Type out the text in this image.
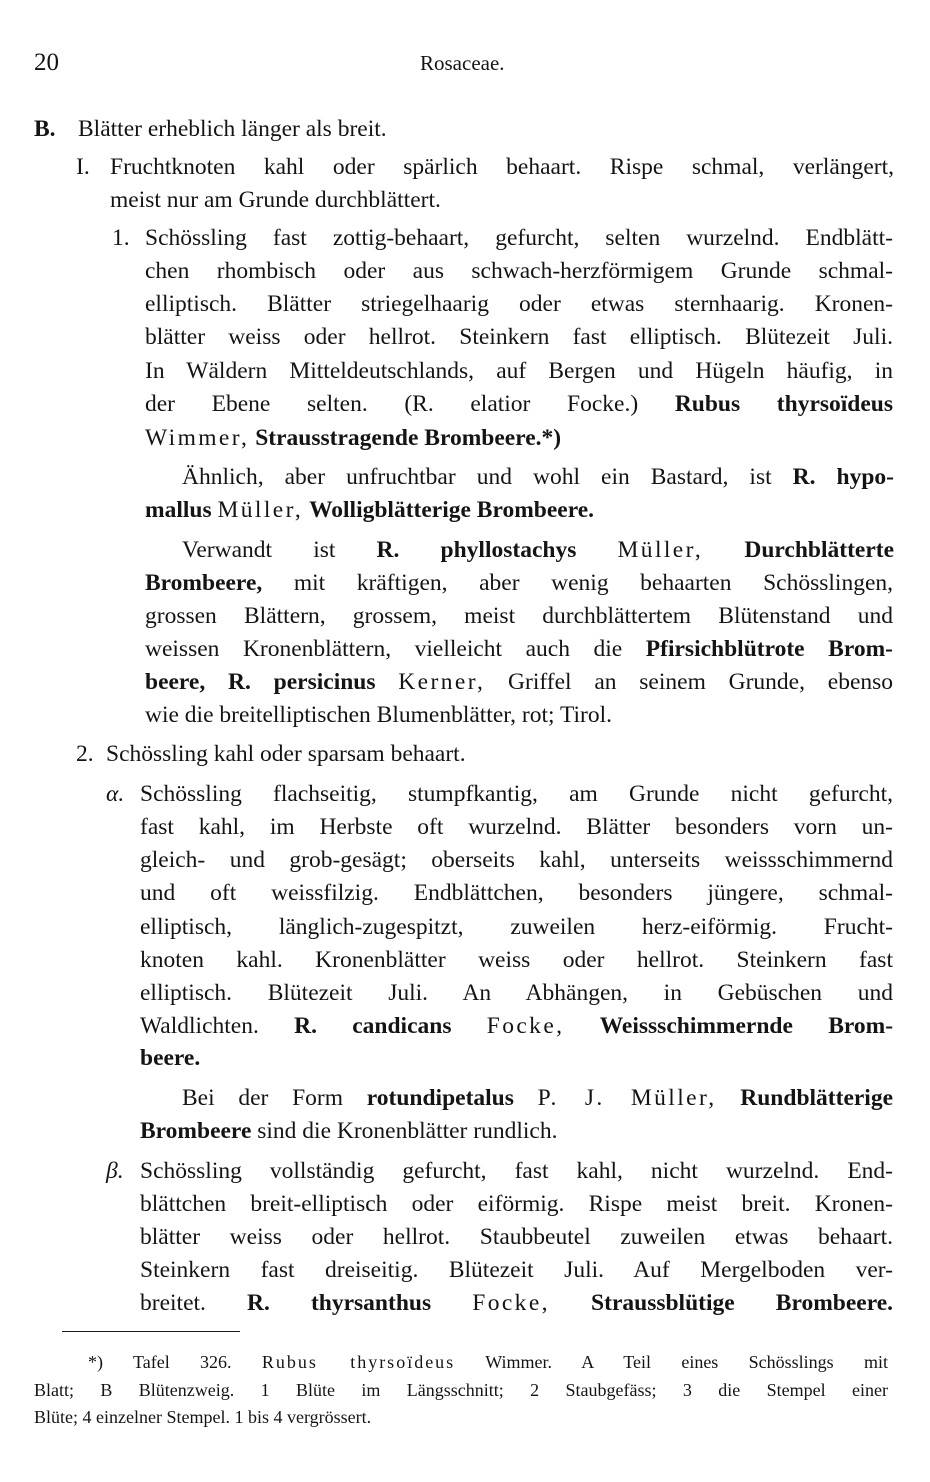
20	Rosaceae.
B. Blätter erheblich länger als breit.
I. Fruchtknoten kahl oder spärlich behaart. Rispe schmal, verlängert,
meist nur am Grunde durchblättert.
1. Schössling fast zottig-behaart, gefurcht, selten wurzelnd. Endblätt-
chen rhombisch oder aus schwach-herzförmigem Grunde schmal-
elliptisch. Blätter striegelhaarig oder etwas sternhaarig. Kronen-
blätter weiss oder hellrot. Steinkern fast elliptisch. Blütezeit Juli.
In Wäldern Mitteldeutschlands, auf Bergen und Hügeln häufig, in
der Ebene selten. (R. elatior Focke.) Rubus thyrsoïdeus
Wimmer, Strausstragende Brombeere.*)
Ähnlich, aber unfruchtbar und wohl ein Bastard, ist R. hypo-
mallus Müller, Wolligblätterige Brombeere.
Verwandt ist R. phyllostachys Müller, Durchblätterte
Brombeere, mit kräftigen, aber wenig behaarten Schösslingen,
grossen Blättern, grossem, meist durchblättertem Blütenstand und
weissen Kronenblättern, vielleicht auch die Pfirsichblütrote Brom-
beere, R. persicinus Kerner, Griffel an seinem Grunde, ebenso
wie die breitelliptischen Blumenblätter, rot; Tirol.
2. Schössling kahl oder sparsam behaart.
α. Schössling flachseitig, stumpfkantig, am Grunde nicht gefurcht,
fast kahl, im Herbste oft wurzelnd. Blätter besonders vorn un-
gleich- und grob-gesägt; oberseits kahl, unterseits weissschimmernd
und oft weissfilzig. Endblättchen, besonders jüngere, schmal-
elliptisch, länglich-zugespitzt, zuweilen herz-eiförmig. Frucht-
knoten kahl. Kronenblätter weiss oder hellrot. Steinkern fast
elliptisch. Blütezeit Juli. An Abhängen, in Gebüschen und
Waldlichten. R. candicans Focke, Weissschimmernde Brom-
beere.
Bei der Form rotundipetalus P. J. Müller, Rundblätterige
Brombeere sind die Kronenblätter rundlich.
β. Schössling vollständig gefurcht, fast kahl, nicht wurzelnd. End-
blättchen breit-elliptisch oder eiförmig. Rispe meist breit. Kronen-
blätter weiss oder hellrot. Staubbeutel zuweilen etwas behaart.
Steinkern fast dreiseitig. Blütezeit Juli. Auf Mergelboden ver-
breitet. R. thyrsanthus Focke, Straussblütige Brombeere.
*) Tafel 326. Rubus thyrsoïdeus Wimmer. A Teil eines Schösslings mit
Blatt; B Blütenzweig. 1 Blüte im Längsschnitt; 2 Staubgefäss; 3 die Stempel einer
Blüte; 4 einzelner Stempel. 1 bis 4 vergrössert.
